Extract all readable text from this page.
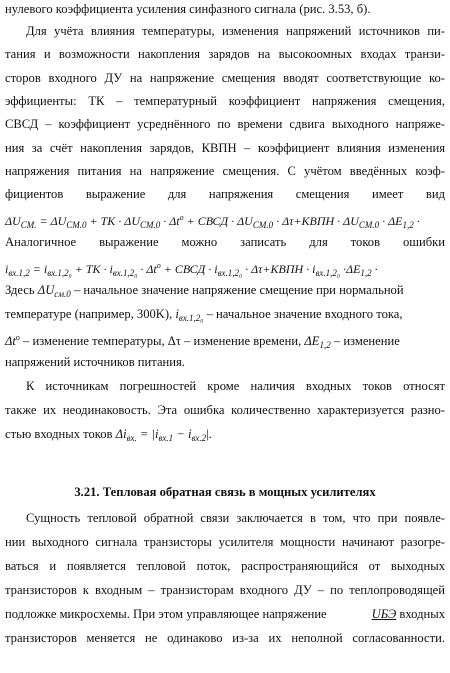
нулевого коэффициента усиления синфазного сигнала (рис. 3.53, б).
Для учёта влияния температуры, изменения напряжений источников пи-
тания и возможности накопления зарядов на высокоомных входах транзи-
сторов входного ДУ на напряжение смещения вводят соответствующие ко-
эффициенты: ТК – температурный коэффициент напряжения смещения,
СВСД – коэффициент усреднённого по времени сдвига выходного напряже-
ния за счёт накопления зарядов, КВПН – коэффициент влияния изменения
напряжения питания на напряжение смещения. С учётом введённых коэф-
фициентов выражение для напряжения смещения имеет вид
$\Delta U_{СМ.} = \Delta U_{СМ.0}$ + ТК · $\Delta U_{СМ.0} \cdot \Delta t^o$ + СВСД · $\Delta U_{СМ.0}$ · Δτ+КВПН · $\Delta U_{СМ.0} \cdot \Delta E_{1,2}$ ·
Аналогичное выражение можно записать для токов ошибки
$i_{вх.1,2} = i_{вх.1,2_0}$ + ТК · $i_{вх.1,2_0} \cdot \Delta t^o$ + СВСД · $i_{вх.1,2_0}$ · Δτ+КВПН · $i_{вх.1,2_0} \cdot\Delta E_{1,2}$ ·
Здесь $\Delta U_{см.0}$ – начальное значение напряжение смещение при нормальной
температуре (например, 300K), $i_{вх.1,2_0}$ – начальное значение входного тока,
$\Delta t^o$ – изменение температуры, Δτ – изменение времени, $\Delta E_{1,2}$ – изменение
напряжений источников питания.
К источникам погрешностей кроме наличия входных токов относят
также их неодинаковость. Эта ошибка количественно характеризуется разно-
стью входных токов $\Delta i_{вх.} = |i_{вх.1} - i_{вх.2}|$.
3.21. Тепловая обратная связь в мощных усилителях
Сущность тепловой обратной связи заключается в том, что при появле-
нии выходного сигнала транзисторы усилителя мощности начинают разогре-
ваться и появляется тепловой поток, распространяющийся от выходных
транзисторов к входным – транзисторам входного ДУ – по теплопроводящей
подложке микросхемы. При этом управляющее напряжение	UБЭ входных
транзисторов меняется не одинаково из-за их неполной согласованности.
